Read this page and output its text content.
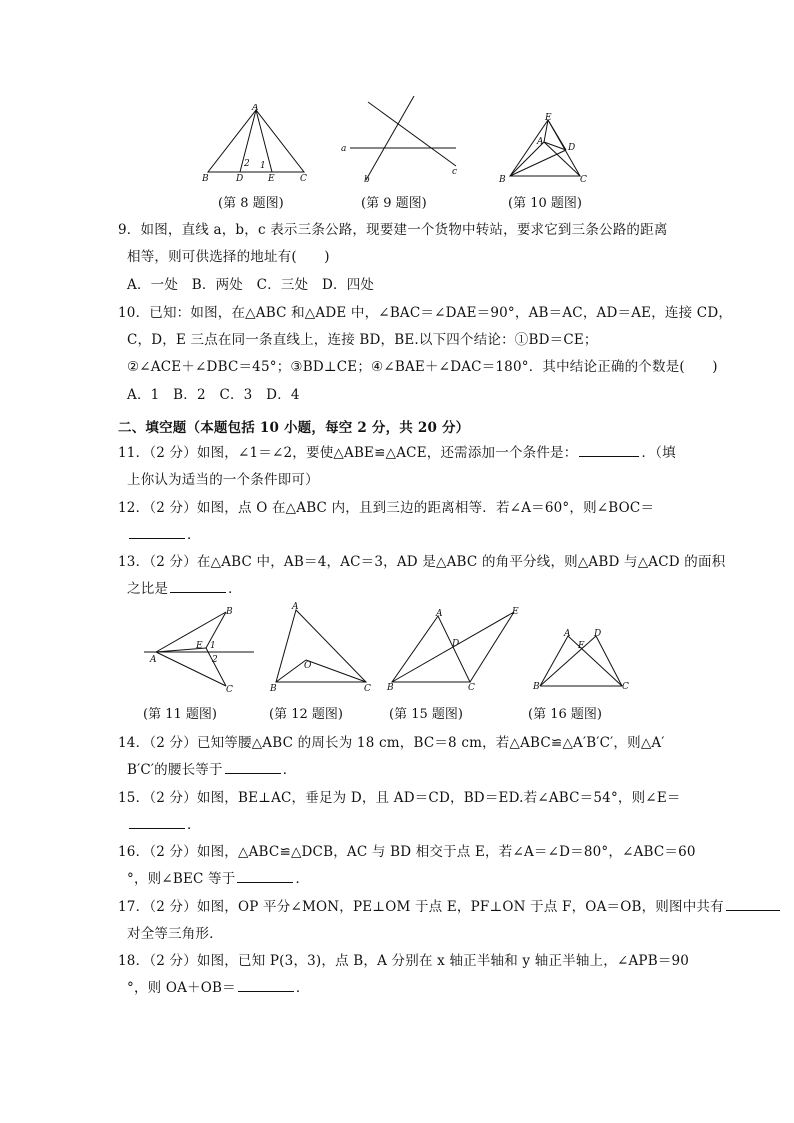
A
B	C
D	E
2 1
(第 8 题图)
a
b
c
(第 9 题图)
E
A
D
B	C
(第 10 题图)
9．如图，直线 a，b，c 表示三条公路，现要建一个货物中转站，要求它到三条公路的距离
相等，则可供选择的地址有(　　)
A．一处　B．两处　C．三处　D．四处
10．已知：如图，在△ABC 和△ADE 中，∠BAC＝∠DAE＝90°，AB＝AC，AD＝AE，连接 CD，
C，D，E 三点在同一条直线上，连接 BD，BE.以下四个结论：①BD＝CE；
②∠ACE＋∠DBC＝45°；③BD⊥CE；④∠BAE＋∠DAC＝180°．其中结论正确的个数是(　　)
A．1　B．2　C．3　D．4
二、填空题（本题包括 10 小题，每空 2 分，共 20 分）
11．（2 分）如图，∠1＝∠2，要使△ABE≌△ACE，还需添加一个条件是：	．（填
上你认为适当的一个条件即可）
12．（2 分）如图，点 O 在△ABC 内，且到三边的距离相等．若∠A＝60°，则∠BOC＝
．
13．（2 分）在△ABC 中，AB＝4，AC＝3，AD 是△ABC 的角平分线，则△ABD 与△ACD 的面积
之比是	．
A
B
C
E 1
2
(第 11 题图)
A
B	C
O
(第 12 题图)
A
B	C
D
E
(第 15 题图)
A	D
E
B	C
(第 16 题图)
14．（2 分）已知等腰△ABC 的周长为 18 cm，BC＝8 cm，若△ABC≌△A′B′C′，则△A′
B′C′的腰长等于	．
15．（2 分）如图，BE⊥AC，垂足为 D，且 AD＝CD，BD＝ED.若∠ABC＝54°，则∠E＝
．
16．（2 分）如图，△ABC≌△DCB，AC 与 BD 相交于点 E，若∠A＝∠D＝80°，∠ABC＝60
°，则∠BEC 等于	．
17．（2 分）如图，OP 平分∠MON，PE⊥OM 于点 E，PF⊥ON 于点 F，OA＝OB，则图中共有
对全等三角形．
18．（2 分）如图，已知 P(3，3)，点 B，A 分别在 x 轴正半轴和 y 轴正半轴上，∠APB＝90
°，则 OA＋OB＝	．
